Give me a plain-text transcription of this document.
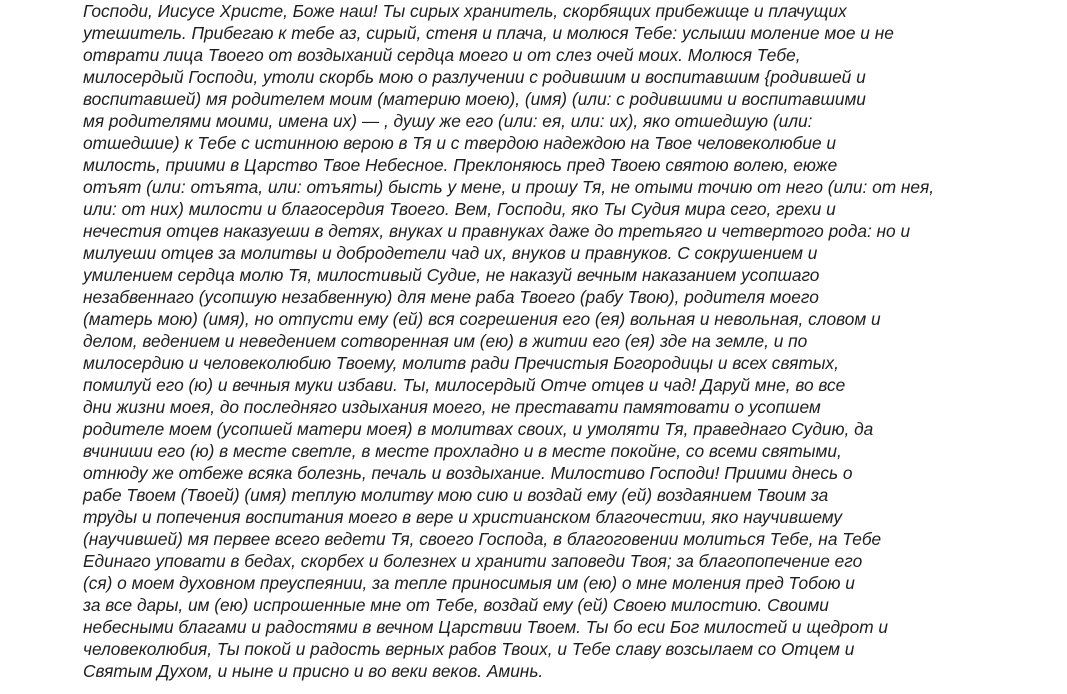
Господи, Иисусе Христе, Боже наш! Ты сирых хранитель, скорбящих прибежище и плачущих
утешитель. Прибегаю к тебе аз, сирый, стеня и плача, и молюся Тебе: услыши моление мое и не
отврати лица Твоего от воздыханий сердца моего и от слез очей моих. Молюся Тебе,
милосердый Господи, утоли скорбь мою о разлучении с родившим и воспитавшим {родившей и
воспитавшей) мя родителем моим (материю моею), (имя) (или: с родившими и воспитавшими
мя родителями моими, имена их) — , душу же его (или: ея, или: их), яко отшедшую (или:
отшедшие) к Тебе с истинною верою в Тя и с твердою надеждою на Твое человеколюбие и
милость, приими в Царство Твое Небесное. Преклоняюсь пред Твоею святою волею, еюже
отъят (или: отъята, или: отъяты) бысть у мене, и прошу Тя, не отыми точию от него (или: от нея,
или: от них) милости и благосердия Твоего. Вем, Господи, яко Ты Судия мира сего, грехи и
нечестия отцев наказуеши в детях, внуках и правнуках даже до третьяго и четвертого рода: но и
милуеши отцев за молитвы и добродетели чад их, внуков и правнуков. С сокрушением и
умилением сердца молю Тя, милостивый Судие, не наказуй вечным наказанием усопшаго
незабвеннаго (усопшую незабвенную) для мене раба Твоего (рабу Твою), родителя моего
(матерь мою) (имя), но отпусти ему (ей) вся согрешения его (ея) вольная и невольная, словом и
делом, ведением и неведением сотворенная им (ею) в житии его (ея) зде на земле, и по
милосердию и человеколюбию Твоему, молитв ради Пречистыя Богородицы и всех святых,
помилуй его (ю) и вечныя муки избави. Ты, милосердый Отче отцев и чад! Даруй мне, во все
дни жизни моея, до последняго издыхания моего, не преставати памятовати о усопшем
родителе моем (усопшей матери моея) в молитвах своих, и умоляти Тя, праведнаго Судию, да
вчиниши его (ю) в месте светле, в месте прохладно и в месте покойне, со всеми святыми,
отнюду же отбеже всяка болезнь, печаль и воздыхание. Милостиво Господи! Приими днесь о
рабе Твоем (Твоей) (имя) теплую молитву мою сию и воздай ему (ей) воздаянием Твоим за
труды и попечения воспитания моего в вере и христианском благочестии, яко научившему
(научившей) мя первее всего ведети Тя, своего Господа, в благоговении молиться Тебе, на Тебе
Единаго уповати в бедах, скорбех и болезнех и хранити заповеди Твоя; за благопопечение его
(ся) о моем духовном преуспеянии, за тепле приносимыя им (ею) о мне моления пред Тобою и
за все дары, им (ею) испрошенные мне от Тебе, воздай ему (ей) Своею милостию. Своими
небесными благами и радостями в вечном Царствии Твоем. Ты бо еси Бог милостей и щедрот и
человеколюбия, Ты покой и радость верных рабов Твоих, и Тебе славу возсылаем со Отцем и
Святым Духом, и ныне и присно и во веки веков. Аминь.
